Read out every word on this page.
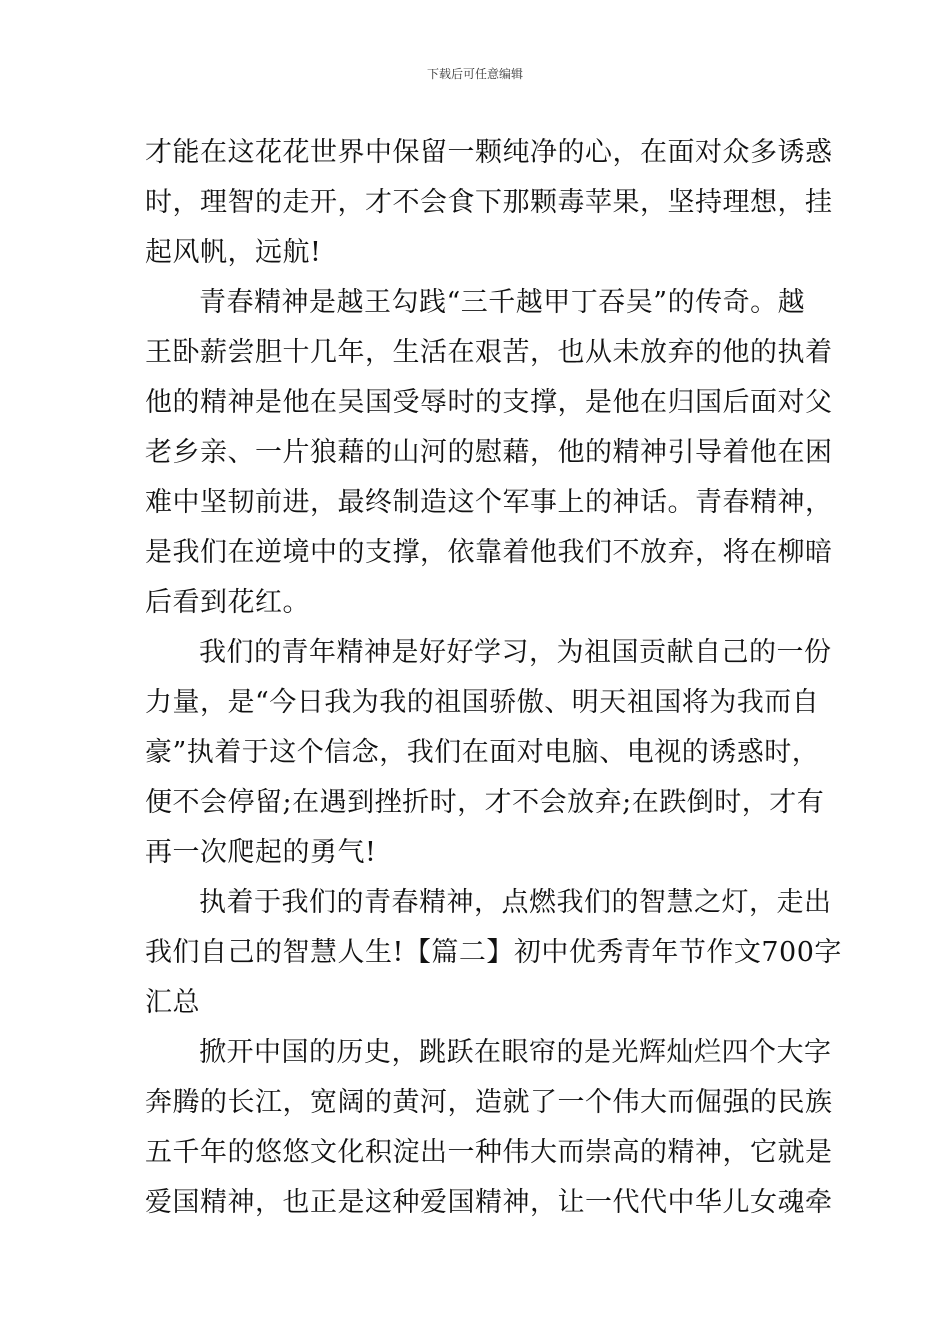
下载后可任意编辑
才能在这花花世界中保留一颗纯净的心，在面对众多诱惑
时，理智的走开，才不会食下那颗毒苹果，坚持理想，挂
起风帆，远航!
青春精神是越王勾践“三千越甲丁吞吴”的传奇。越
王卧薪尝胆十几年，生活在艰苦，也从未放弃的他的执着
他的精神是他在吴国受辱时的支撑，是他在归国后面对父
老乡亲、一片狼藉的山河的慰藉，他的精神引导着他在困
难中坚韧前进，最终制造这个军事上的神话。青春精神，
是我们在逆境中的支撑，依靠着他我们不放弃，将在柳暗
后看到花红。
我们的青年精神是好好学习，为祖国贡献自己的一份
力量，是“今日我为我的祖国骄傲、明天祖国将为我而自
豪”执着于这个信念，我们在面对电脑、电视的诱惑时，
便不会停留;在遇到挫折时，才不会放弃;在跌倒时，才有
再一次爬起的勇气!
执着于我们的青春精神，点燃我们的智慧之灯，走出
我们自己的智慧人生!【篇二】初中优秀青年节作文700字
汇总
掀开中国的历史，跳跃在眼帘的是光辉灿烂四个大字
奔腾的长江，宽阔的黄河，造就了一个伟大而倔强的民族
五千年的悠悠文化积淀出一种伟大而崇高的精神，它就是
爱国精神，也正是这种爱国精神，让一代代中华儿女魂牵
